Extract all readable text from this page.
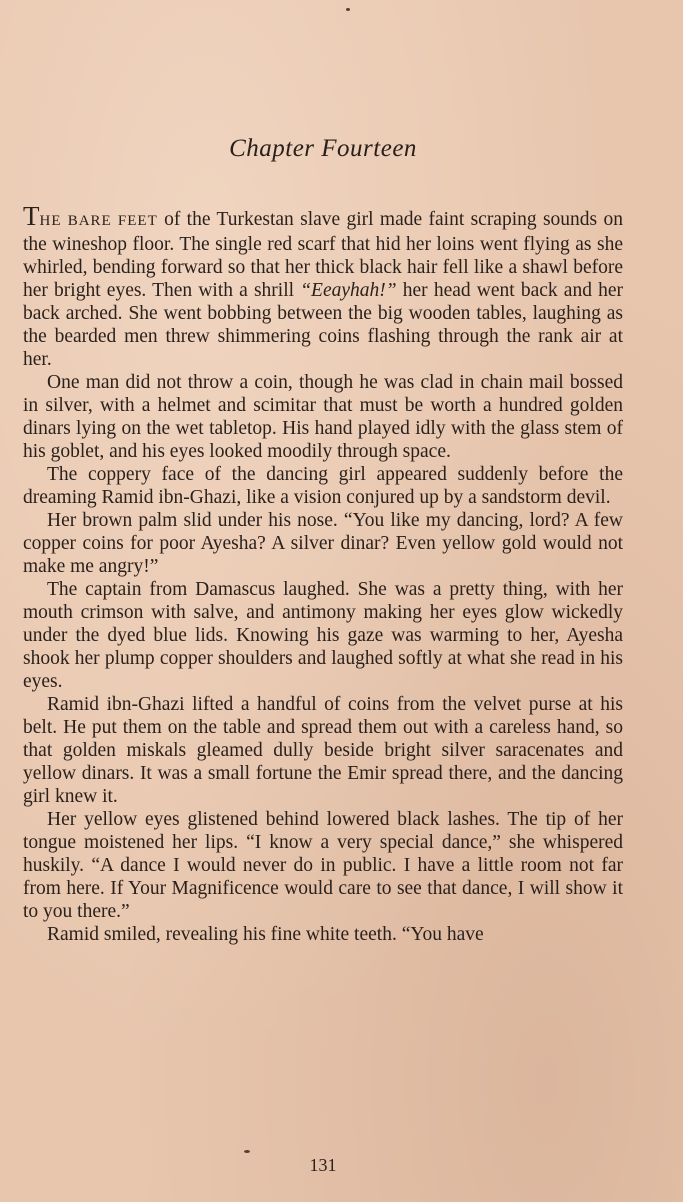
Chapter Fourteen

THE BARE FEET of the Turkestan slave girl made faint scraping sounds on the wineshop floor. The single red scarf that hid her loins went flying as she whirled, bending forward so that her thick black hair fell like a shawl before her bright eyes. Then with a shrill “Eeayhah!” her head went back and her back arched. She went bobbing between the big wooden tables, laughing as the bearded men threw shimmering coins flashing through the rank air at her.

One man did not throw a coin, though he was clad in chain mail bossed in silver, with a helmet and scimitar that must be worth a hundred golden dinars lying on the wet tabletop. His hand played idly with the glass stem of his goblet, and his eyes looked moodily through space.

The coppery face of the dancing girl appeared suddenly before the dreaming Ramid ibn-Ghazi, like a vision conjured up by a sandstorm devil.

Her brown palm slid under his nose. “You like my dancing, lord? A few copper coins for poor Ayesha? A silver dinar? Even yellow gold would not make me angry!”

The captain from Damascus laughed. She was a pretty thing, with her mouth crimson with salve, and antimony making her eyes glow wickedly under the dyed blue lids. Knowing his gaze was warming to her, Ayesha shook her plump copper shoulders and laughed softly at what she read in his eyes.

Ramid ibn-Ghazi lifted a handful of coins from the velvet purse at his belt. He put them on the table and spread them out with a careless hand, so that golden miskals gleamed dully beside bright silver saracenates and yellow dinars. It was a small fortune the Emir spread there, and the dancing girl knew it.

Her yellow eyes glistened behind lowered black lashes. The tip of her tongue moistened her lips. “I know a very special dance,” she whispered huskily. “A dance I would never do in public. I have a little room not far from here. If Your Magnificence would care to see that dance, I will show it to you there.”

Ramid smiled, revealing his fine white teeth. “You have

131
